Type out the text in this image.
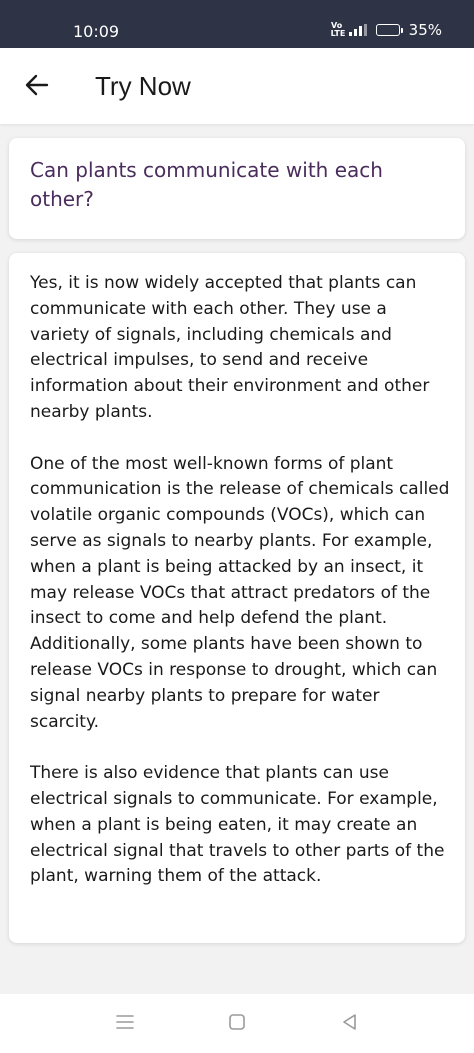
10:09	Vo
LTE	35%
Try Now
Can plants communicate with each other?

Yes, it is now widely accepted that plants can communicate with each other. They use a variety of signals, including chemicals and electrical impulses, to send and receive information about their environment and other nearby plants.

One of the most well-known forms of plant communication is the release of chemicals called volatile organic compounds (VOCs), which can serve as signals to nearby plants. For example, when a plant is being attacked by an insect, it may release VOCs that attract predators of the insect to come and help defend the plant. Additionally, some plants have been shown to release VOCs in response to drought, which can signal nearby plants to prepare for water scarcity.

There is also evidence that plants can use electrical signals to communicate. For example, when a plant is being eaten, it may create an electrical signal that travels to other parts of the plant, warning them of the attack.
